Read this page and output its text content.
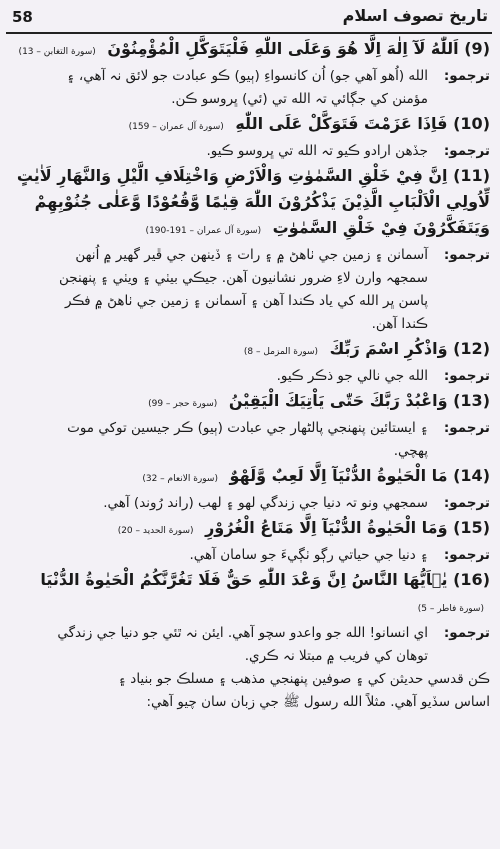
تاريخ تصوف اسلام
58
(9) اَللّٰهُ لَآ اِلٰهَ اِلَّا هُوَ وَعَلَى اللّٰهِ فَلْيَتَوَكَّلِ الْمُؤْمِنُوْنَ (سورة التغابن – 13)
ترجمو:
الله (اُهو آهي جو) اُن کانسواءِ (ٻيو) ڪو عبادت جو لائق نہ آهي، ۽
مؤمنن کي جڳائي تہ الله تي (ئي) ڀروسو ڪن.
(10) فَاِذَا عَزَمْتَ فَتَوَكَّلْ عَلَى اللّٰهِ (سورة آل عمران – 159)
ترجمو:
جڏهن ارادو ڪيو تہ الله تي ڀروسو ڪيو.
(11) اِنَّ فِيْ خَلْقِ السَّمٰوٰتِ وَالْاَرْضِ وَاخْتِلَافِ الَّيْلِ وَالنَّهَارِ لَاٰيٰتٍ لِّاُولِي الْاَلْبَابِ الَّذِيْنَ يَذْكُرُوْنَ اللّٰهَ قِيٰمًا وَّقُعُوْدًا وَّعَلٰى جُنُوْبِهِمْ وَيَتَفَكَّرُوْنَ فِيْ خَلْقِ السَّمٰوٰتِ (سورة آل عمران – 191-190)
ترجمو:
آسمانن ۽ زمين جي ٺاهڻ ۾ ۽ رات ۽ ڏينهن جي ڦير گهير ۾ اُنهن
سمجهہ وارن لاءِ ضرور نشانيون آهن. جيڪي بيٺي ۽ ويٺي ۽ پنهنجن
پاسن ڀر الله کي ياد ڪندا آهن ۽ آسمانن ۽ زمين جي ٺاهڻ ۾ فڪر
ڪندا آهن.
(12) وَاذْكُرِ اسْمَ رَبِّكَ (سورة المزمل – 8)
ترجمو:
الله جي نالي جو ذڪر ڪيو.
(13) وَاعْبُدْ رَبَّكَ حَتّٰى يَاْتِيَكَ الْيَقِيْنُ (سورة حجر – 99)
ترجمو:
۽ ايستائين پنهنجي پالڻهار جي عبادت (ٻيو) ڪر جيسين توکي موت
پهچي.
(14) مَا الْحَيٰوةُ الدُّنْيَآ اِلَّا لَعِبٌ وَّلَهْوٌ (سورة الانعام – 32)
ترجمو:
سمجهي ونو تہ دنيا جي زندگي لهو ۽ لهب (راند رُوند) آهي.
(15) وَمَا الْحَيٰوةُ الدُّنْيَآ اِلَّا مَتَاعُ الْغُرُوْرِ (سورة الحديد – 20)
ترجمو:
۽ دنيا جي حياتي رڳو ٺڳيءَ جو سامان آهي.
(16) يٰۤاَيُّهَا النَّاسُ اِنَّ وَعْدَ اللّٰهِ حَقٌّ فَلَا تَغُرَّنَّكُمُ الْحَيٰوةُ الدُّنْيَا (سورة فاطر – 5)
ترجمو:
اي انسانو! الله جو واعدو سچو آهي. ايئن نہ ٿئي جو دنيا جي زندگي
توهان کي فريب ۾ مبتلا نہ ڪري.
ڪن قدسي حديثن کي ۽ صوفين پنهنجي مذهب ۽ مسلڪ جو بنياد ۽
اساس سڏيو آهي. مثلاً الله رسول ﷺ جي زبان سان چيو آهي:
